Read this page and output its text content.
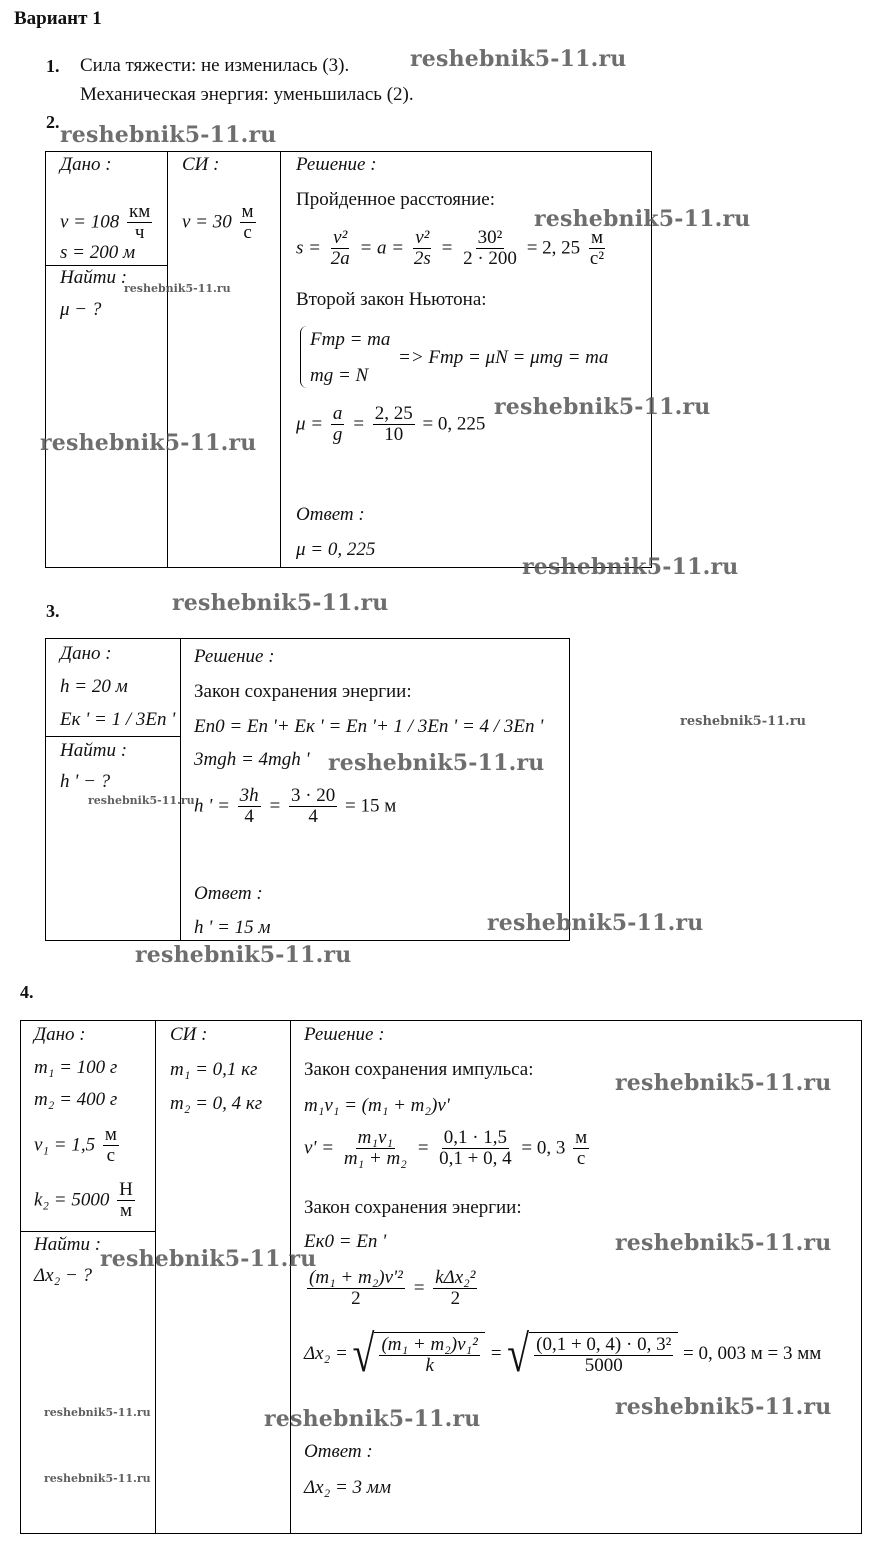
Вариант 1
1. Сила тяжести: не изменилась (3).
Механическая энергия: уменьшилась (2).
2.
Дано :
$v = 108 \frac{км}{ч}$
s = 200 м
Найти :
μ − ?
СИ :
$v = 30 \frac{м}{с}$
Решение :
Пройденное расстояние:
$s = \frac{\text{v²}}{2a} = a = \frac{\text{v²}}{2s} = \frac{\text{30²}}{2 \cdot 200} = 2$, $25 \frac{м}{\text{с²}}$
Второй закон Ньютона:
Fтр = ma
mg = N
=> Fтр = μN = μmg = ma
$\mu = \frac{a}{g} = \frac{2, 25}{10} = 0$, 225
Ответ :
μ = 0, 225
3.
Дано :
h = 20 м
Eк ' = 1 / 3Eп '
Найти :
h ' − ?
Решение :
Закон сохранения энергии:
Eп0 = Eп '+ Eк ' = Eп '+ 1 / 3Eп ' = 4 / 3Eп '
3mgh = 4mgh '
h ' = $\frac{3h}{4} = \frac{3 \cdot 20}{4} = 15$ м
Ответ :
h ' = 15 м
4.
Дано :
m₁ = 100 г
m₂ = 400 г
$v_1 = 1,5 \frac{м}{с}$
$k_2 = 5000 \frac{Н}{м}$
Найти :
Δx₂ − ?
СИ :
m₁ = 0,1 кг
m₂ = 0, 4 кг
Решение :
Закон сохранения импульса:
m₁v₁ = (m₁ + m₂)v'
$v' = \frac{\text{m₁v₁}}{\text{m₁ + m₂}} = \frac{0,1 \cdot 1,5}{0,1 + 0, 4} = 0$, $3 \frac{м}{с}$
Закон сохранения энергии:
Eк0 = Eп '
$\frac{\text{(m₁ + m₂)v'²}}{2} = \frac{\text{kΔx₂²}}{2}$
Δx₂ = √ $\frac{\text{(m₁ + m₂)v₁²}}{k}$ = √ $\frac{\text{(0,1 + 0, 4) · 0, 3²}}{5000} = 0$, 003 м = 3 мм
Ответ :
Δx₂ = 3 мм
reshebnik5-11.ru
reshebnik5-11.ru
reshebnik5-11.ru
reshebnik5-11.ru
reshebnik5-11.ru
reshebnik5-11.ru
reshebnik5-11.ru
reshebnik5-11.ru
reshebnik5-11.ru
reshebnik5-11.ru
reshebnik5-11.ru
reshebnik5-11.ru
reshebnik5-11.ru
reshebnik5-11.ru
reshebnik5-11.ru
reshebnik5-11.ru
reshebnik5-11.ru
reshebnik5-11.ru
reshebnik5-11.ru
reshebnik5-11.ru
